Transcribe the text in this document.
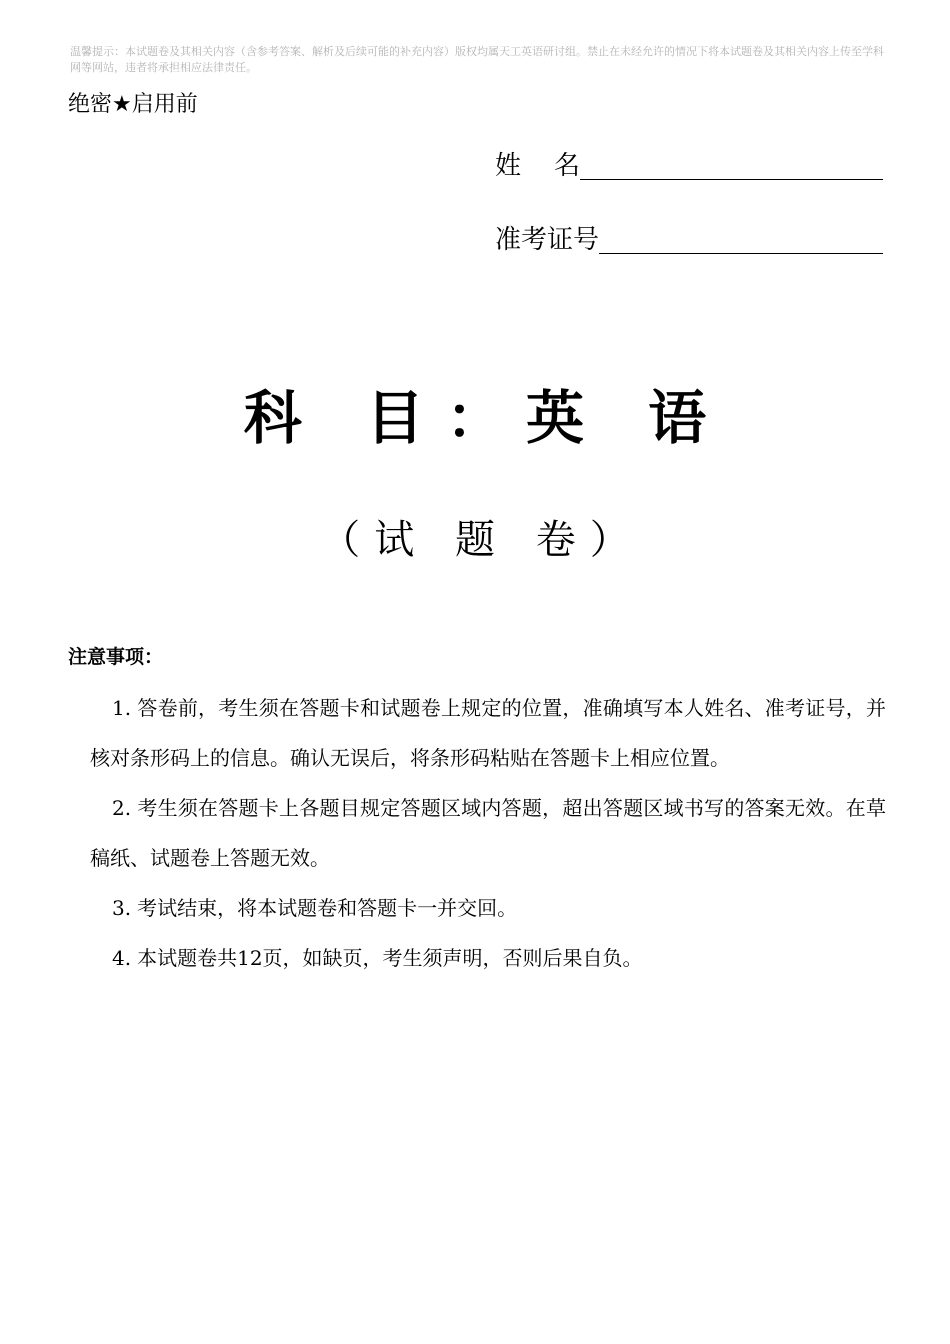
温馨提示：本试题卷及其相关内容（含参考答案、解析及后续可能的补充内容）版权均属天工英语研讨组。禁止在未经允许的情况下将本试题卷及其相关内容上传至学科网等网站，违者将承担相应法律责任。
绝密★启用前
姓    名
准考证号
科 目：英 语
（试 题 卷）
注意事项：
1 . 答卷前，考生须在答题卡和试题卷上规定的位置，准确填写本人姓名、准考证号，并核对条形码上的信息。确认无误后，将条形码粘贴在答题卡上相应位置。
2 . 考生须在答题卡上各题目规定答题区域内答题，超出答题区域书写的答案无效。在草稿纸、试题卷上答题无效。
3 . 考试结束，将本试题卷和答题卡一并交回。
4 . 本试题卷共12页，如缺页，考生须声明，否则后果自负。
